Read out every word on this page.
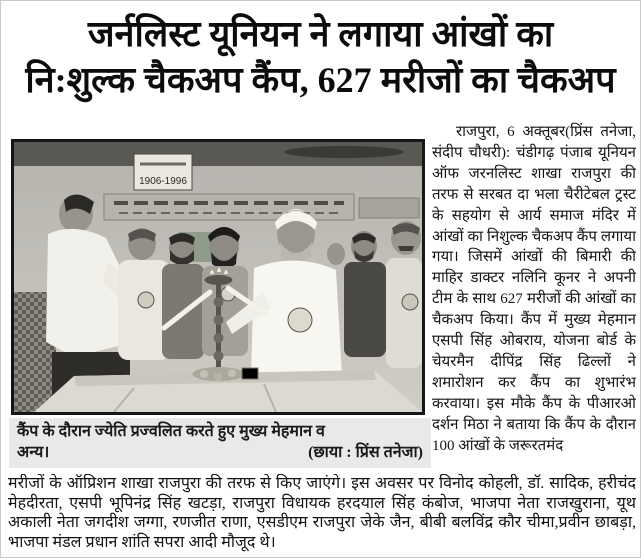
जर्नलिस्ट यूनियन ने लगाया आंखों का
नि:शुल्क चैकअप कैंप, 627 मरीजों का चैकअप
1906-1996
कैंप के दौरान ज्येति प्रज्वलित करते हुए मुख्य मेहमान व
अन्य।	(छाया : प्रिंस तनेजा)

राजपुरा, 6 अक्तूबर(प्रिंस तनेजा, संदीप चौधरी): चंडीगढ़ पंजाब यूनियन ऑफ जरनलिस्ट शाखा राजपुरा की तरफ से सरबत दा भला चैरीटेबल ट्रस्ट के सहयोग से आर्य समाज मंदिर में आंखों का निशुल्क चैकअप कैंप लगाया गया। जिसमें आंखों की बिमारी की माहिर डाक्टर नलिनि कूनर ने अपनी टीम के साथ 627 मरीजों की आंखों का चैकअप किया। कैंप में मुख्य मेहमान एसपी सिंह ओबराय, योजना बोर्ड के चेयरमैन दीपिंद्र सिंह ढिल्लों ने शमारोशन कर कैंप का शुभारंभ करवाया। इस मौके कैंप के पीआरओ दर्शन मिठा ने बताया कि कैंप के दौरान 100 आंखों के जरूरतमंद

मरीजों के ऑप्रिशन शाखा राजपुरा की तरफ से किए जाएंगे। इस अवसर पर विनोद कोहली, डॉ. सादिक, हरीचंद मेहदीरता, एसपी भूपिनंद्र सिंह खटड़ा, राजपुरा विधायक हरदयाल सिंह कंबोज, भाजपा नेता राजखुराना, यूथ अकाली नेता जगदीश जग्गा, रणजीत राणा, एसडीएम राजपुरा जेके जैन, बीबी बलविंद्र कौर चीमा,प्रवीन छाबड़ा, भाजपा मंडल प्रधान शांति सपरा आदी मौजूद थे।
